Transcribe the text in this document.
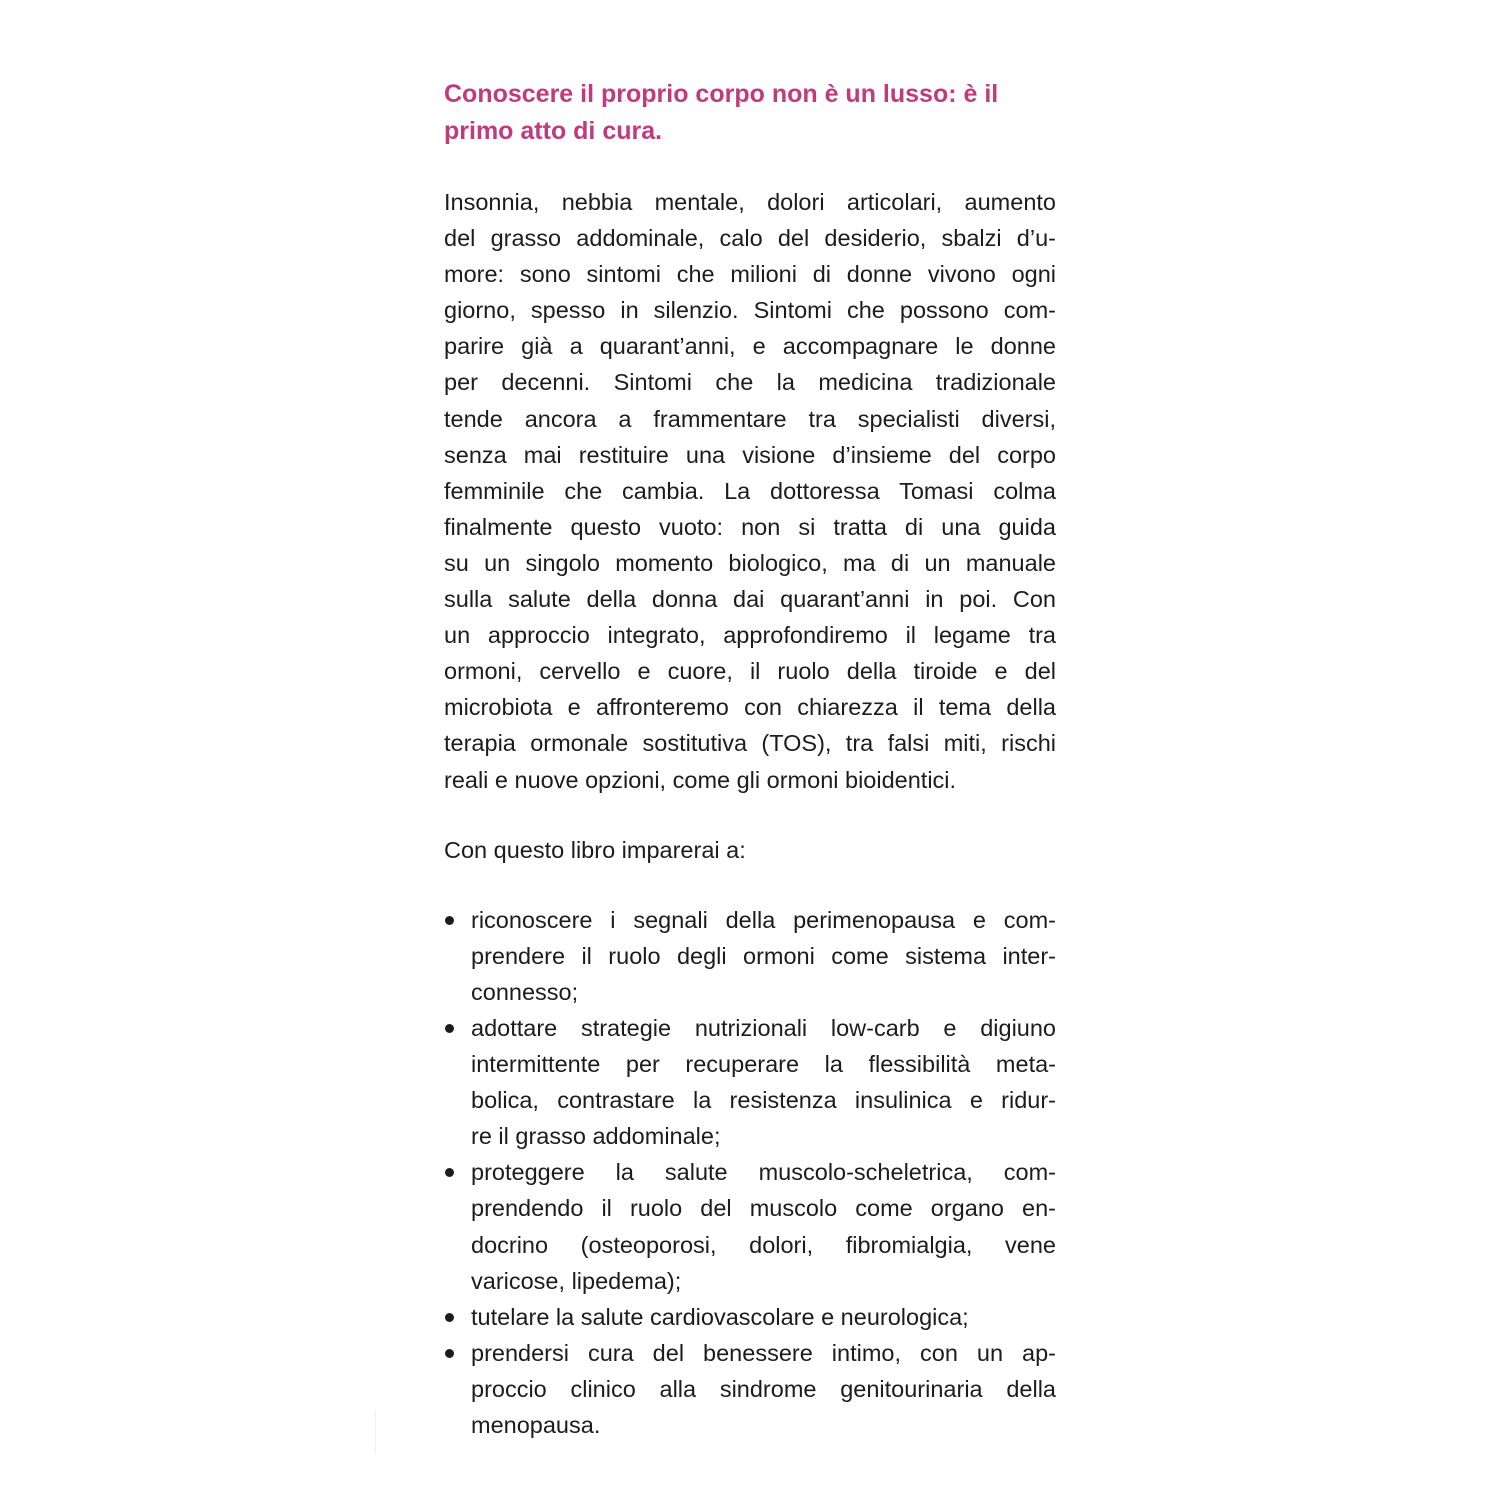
Conoscere il proprio corpo non è un lusso: è il
primo atto di cura.
Insonnia, nebbia mentale, dolori articolari, aumento
del grasso addominale, calo del desiderio, sbalzi d’u-
more: sono sintomi che milioni di donne vivono ogni
giorno, spesso in silenzio. Sintomi che possono com-
parire già a quarant’anni, e accompagnare le donne
per decenni. Sintomi che la medicina tradizionale
tende ancora a frammentare tra specialisti diversi,
senza mai restituire una visione d’insieme del corpo
femminile che cambia. La dottoressa Tomasi colma
finalmente questo vuoto: non si tratta di una guida
su un singolo momento biologico, ma di un manuale
sulla salute della donna dai quarant’anni in poi. Con
un approccio integrato, approfondiremo il legame tra
ormoni, cervello e cuore, il ruolo della tiroide e del
microbiota e affronteremo con chiarezza il tema della
terapia ormonale sostitutiva (TOS), tra falsi miti, rischi
reali e nuove opzioni, come gli ormoni bioidentici.

Con questo libro imparerai a:

riconoscere i segnali della perimenopausa e com-
prendere il ruolo degli ormoni come sistema inter-
connesso;
adottare strategie nutrizionali low-carb e digiuno
intermittente per recuperare la flessibilità meta-
bolica, contrastare la resistenza insulinica e ridur-
re il grasso addominale;
proteggere la salute muscolo-scheletrica, com-
prendendo il ruolo del muscolo come organo en-
docrino (osteoporosi, dolori, fibromialgia, vene
varicose, lipedema);
tutelare la salute cardiovascolare e neurologica;
prendersi cura del benessere intimo, con un ap-
proccio clinico alla sindrome genitourinaria della
menopausa.
